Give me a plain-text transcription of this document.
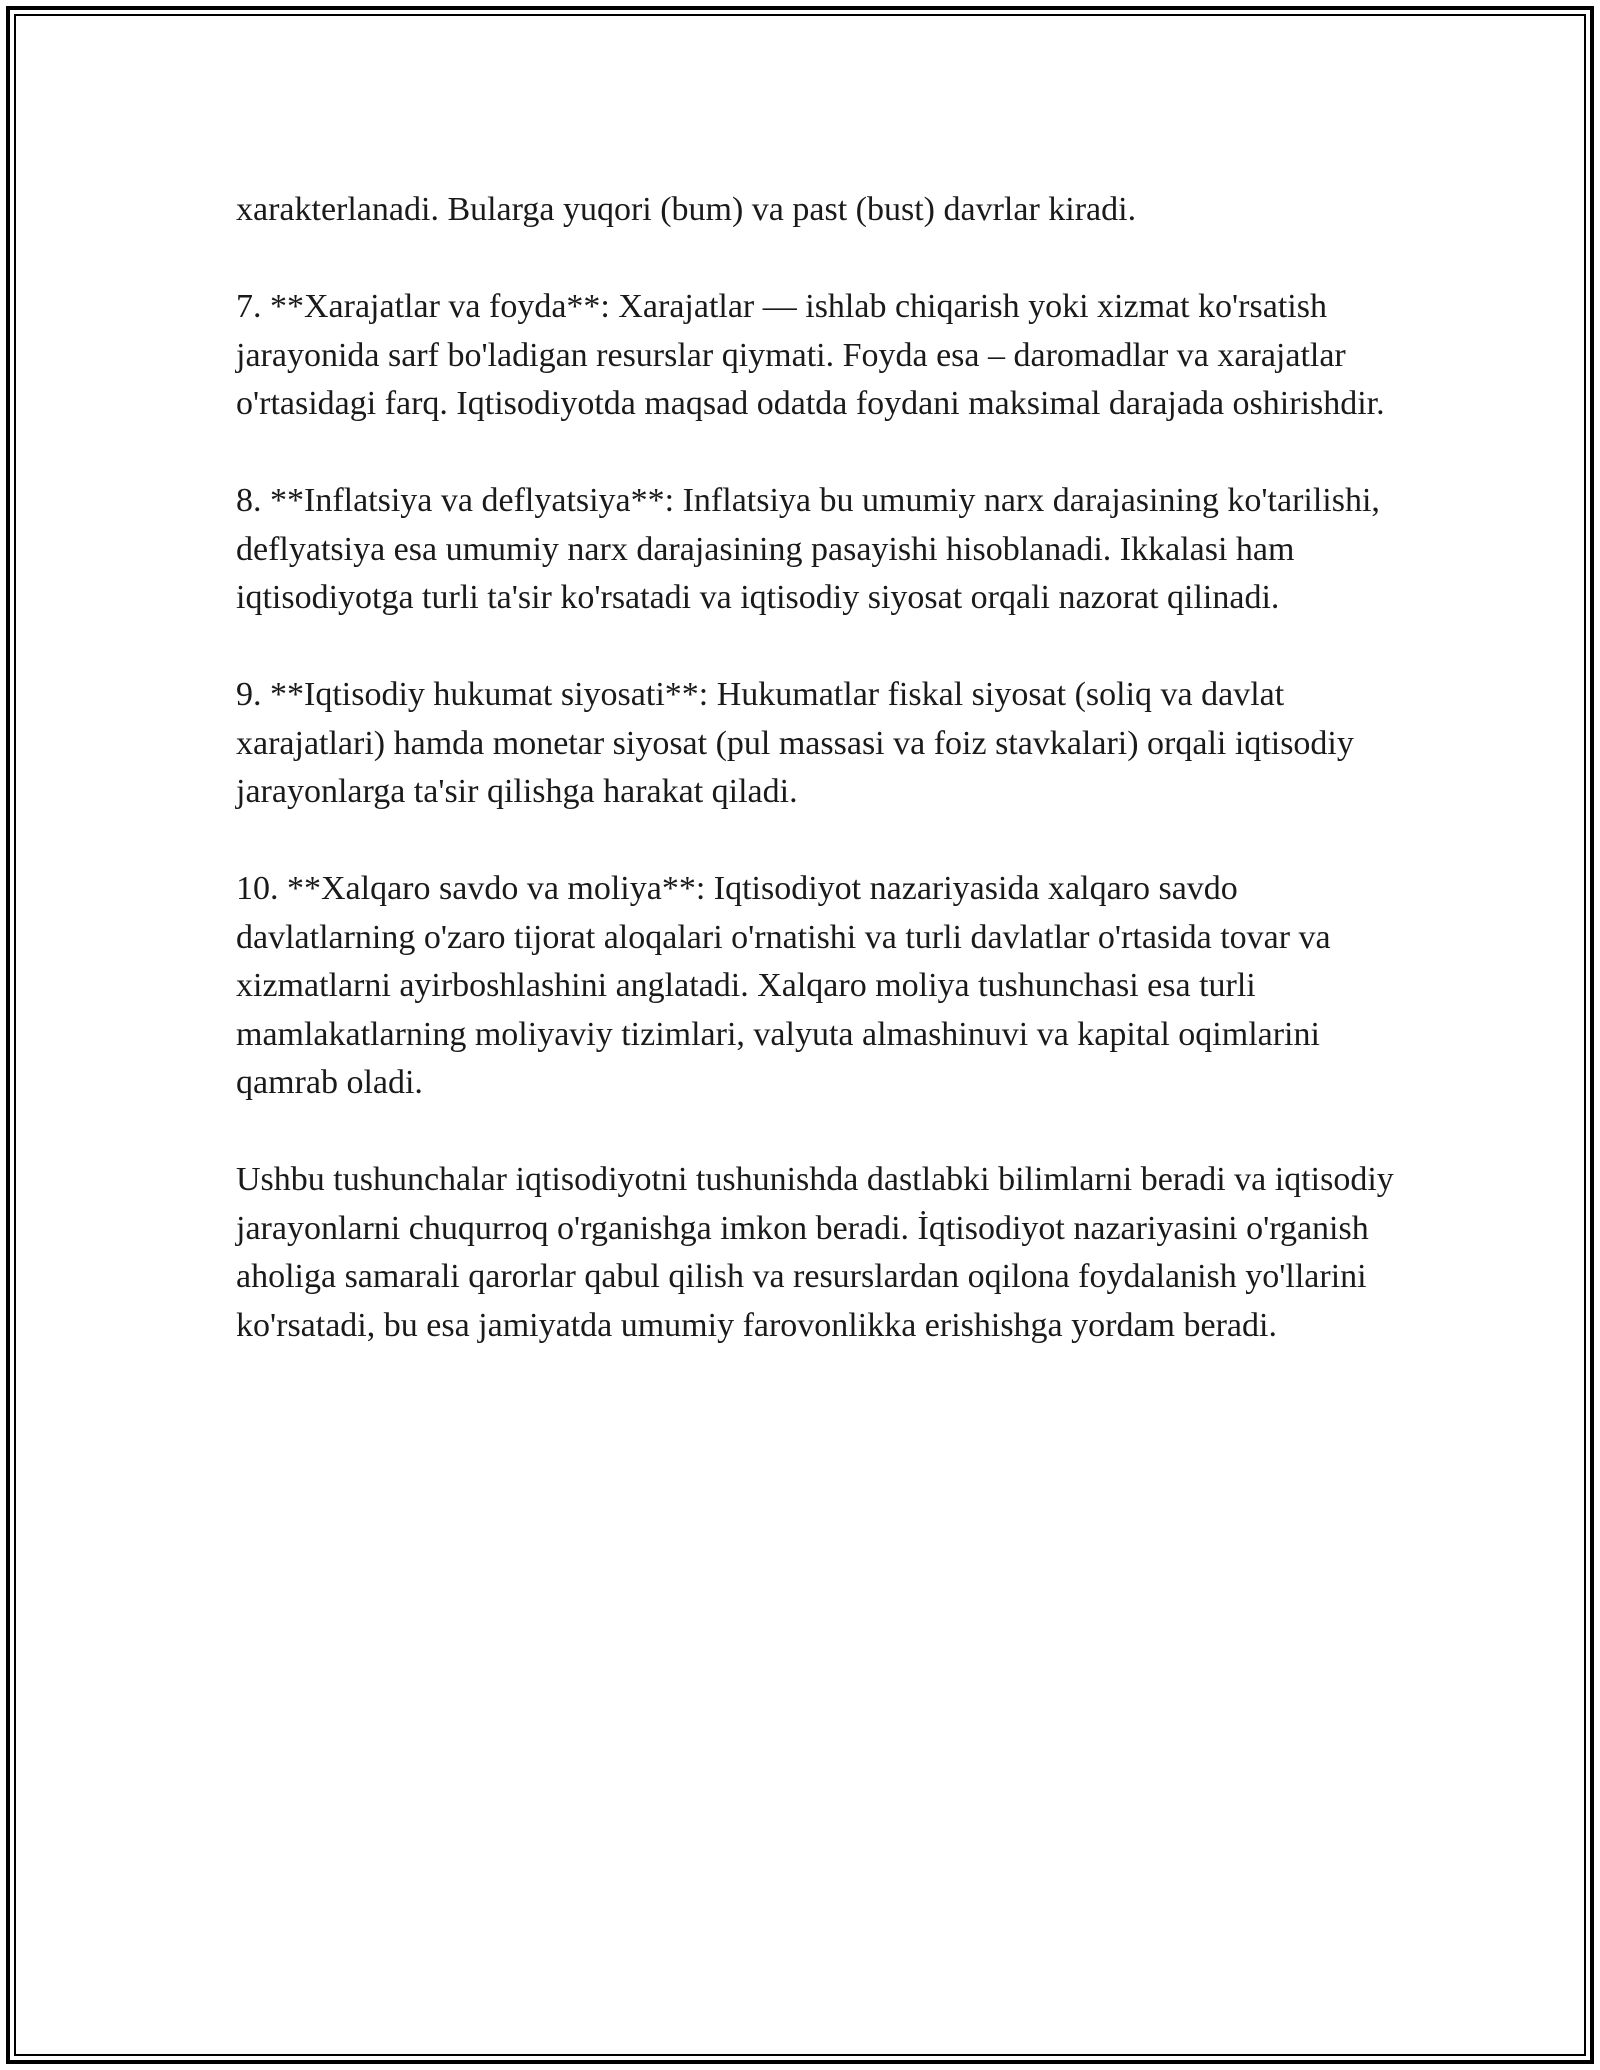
xarakterlanadi. Bularga yuqori (bum) va past (bust) davrlar kiradi.

7. **Xarajatlar va foyda**: Xarajatlar — ishlab chiqarish yoki xizmat ko'rsatish jarayonida sarf bo'ladigan resurslar qiymati. Foyda esa – daromadlar va xarajatlar o'rtasidagi farq. Iqtisodiyotda maqsad odatda foydani maksimal darajada oshirishdir.

8. **Inflatsiya va deflyatsiya**: Inflatsiya bu umumiy narx darajasining ko'tarilishi, deflyatsiya esa umumiy narx darajasining pasayishi hisoblanadi. Ikkalasi ham iqtisodiyotga turli ta'sir ko'rsatadi va iqtisodiy siyosat orqali nazorat qilinadi.

9. **Iqtisodiy hukumat siyosati**: Hukumatlar fiskal siyosat (soliq va davlat xarajatlari) hamda monetar siyosat (pul massasi va foiz stavkalari) orqali iqtisodiy jarayonlarga ta'sir qilishga harakat qiladi.

10. **Xalqaro savdo va moliya**: Iqtisodiyot nazariyasida xalqaro savdo davlatlarning o'zaro tijorat aloqalari o'rnatishi va turli davlatlar o'rtasida tovar va xizmatlarni ayirboshlashini anglatadi. Xalqaro moliya tushunchasi esa turli mamlakatlarning moliyaviy tizimlari, valyuta almashinuvi va kapital oqimlarini qamrab oladi.

Ushbu tushunchalar iqtisodiyotni tushunishda dastlabki bilimlarni beradi va iqtisodiy jarayonlarni chuqurroq o'rganishga imkon beradi. İqtisodiyot nazariyasini o'rganish aholiga samarali qarorlar qabul qilish va resurslardan oqilona foydalanish yo'llarini ko'rsatadi, bu esa jamiyatda umumiy farovonlikka erishishga yordam beradi.
